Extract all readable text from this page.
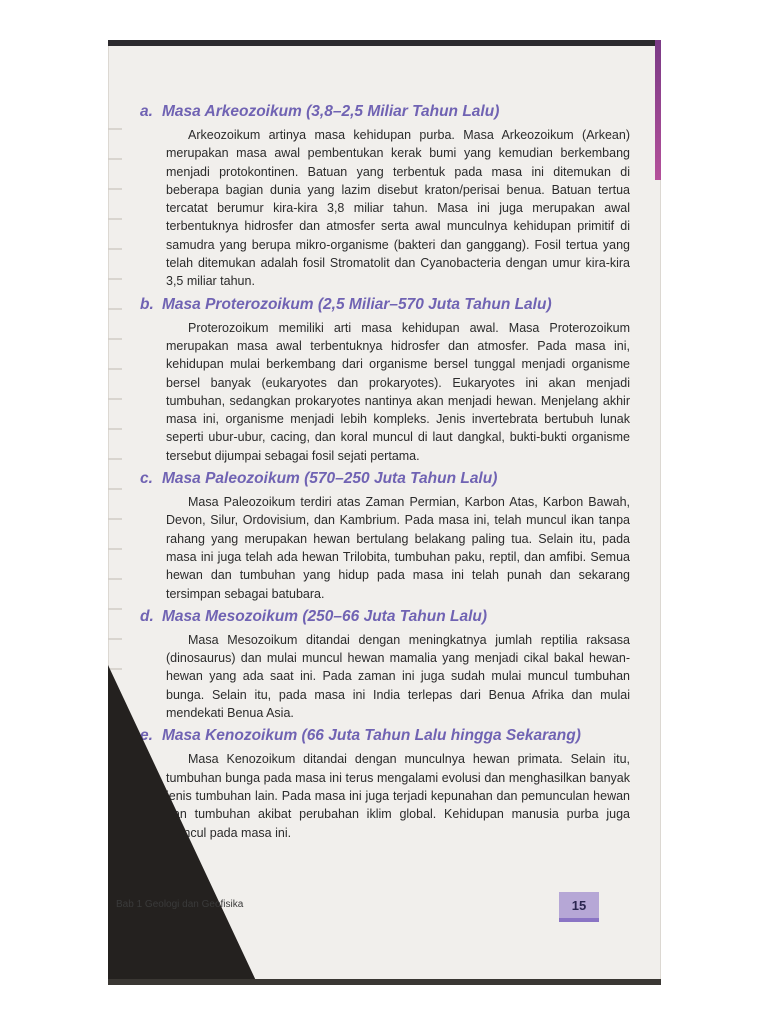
a. Masa Arkeozoikum (3,8–2,5 Miliar Tahun Lalu)

Arkeozoikum artinya masa kehidupan purba. Masa Arkeozoikum (Arkean) merupakan masa awal pembentukan kerak bumi yang kemudian berkembang menjadi protokontinen. Batuan yang terbentuk pada masa ini ditemukan di beberapa bagian dunia yang lazim disebut kraton/perisai benua. Batuan tertua tercatat berumur kira-kira 3,8 miliar tahun. Masa ini juga merupakan awal terbentuknya hidrosfer dan atmosfer serta awal munculnya kehidupan primitif di samudra yang berupa mikro-organisme (bakteri dan ganggang). Fosil tertua yang telah ditemukan adalah fosil Stromatolit dan Cyanobacteria dengan umur kira-kira 3,5 miliar tahun.

b. Masa Proterozoikum (2,5 Miliar–570 Juta Tahun Lalu)

Proterozoikum memiliki arti masa kehidupan awal. Masa Proterozoikum merupakan masa awal terbentuknya hidrosfer dan atmosfer. Pada masa ini, kehidupan mulai berkembang dari organisme bersel tunggal menjadi organisme bersel banyak (eukaryotes dan prokaryotes). Eukaryotes ini akan menjadi tumbuhan, sedangkan prokaryotes nantinya akan menjadi hewan. Menjelang akhir masa ini, organisme menjadi lebih kompleks. Jenis invertebrata bertubuh lunak seperti ubur-ubur, cacing, dan koral muncul di laut dangkal, bukti-bukti organisme tersebut dijumpai sebagai fosil sejati pertama.

c. Masa Paleozoikum (570–250 Juta Tahun Lalu)

Masa Paleozoikum terdiri atas Zaman Permian, Karbon Atas, Karbon Bawah, Devon, Silur, Ordovisium, dan Kambrium. Pada masa ini, telah muncul ikan tanpa rahang yang merupakan hewan bertulang belakang paling tua. Selain itu, pada masa ini juga telah ada hewan Trilobita, tumbuhan paku, reptil, dan amfibi. Semua hewan dan tumbuhan yang hidup pada masa ini telah punah dan sekarang tersimpan sebagai batubara.

d. Masa Mesozoikum (250–66 Juta Tahun Lalu)

Masa Mesozoikum ditandai dengan meningkatnya jumlah reptilia raksasa (dinosaurus) dan mulai muncul hewan mamalia yang menjadi cikal bakal hewan-hewan yang ada saat ini. Pada zaman ini juga sudah mulai muncul tumbuhan bunga. Selain itu, pada masa ini India terlepas dari Benua Afrika dan mulai mendekati Benua Asia.

e. Masa Kenozoikum (66 Juta Tahun Lalu hingga Sekarang)

Masa Kenozoikum ditandai dengan munculnya hewan primata. Selain itu, tumbuhan bunga pada masa ini terus mengalami evolusi dan menghasilkan banyak jenis tumbuhan lain. Pada masa ini juga terjadi kepunahan dan pemunculan hewan dan tumbuhan akibat perubahan iklim global. Kehidupan manusia purba juga muncul pada masa ini.

Bab 1 Geologi dan Geofisika	15
